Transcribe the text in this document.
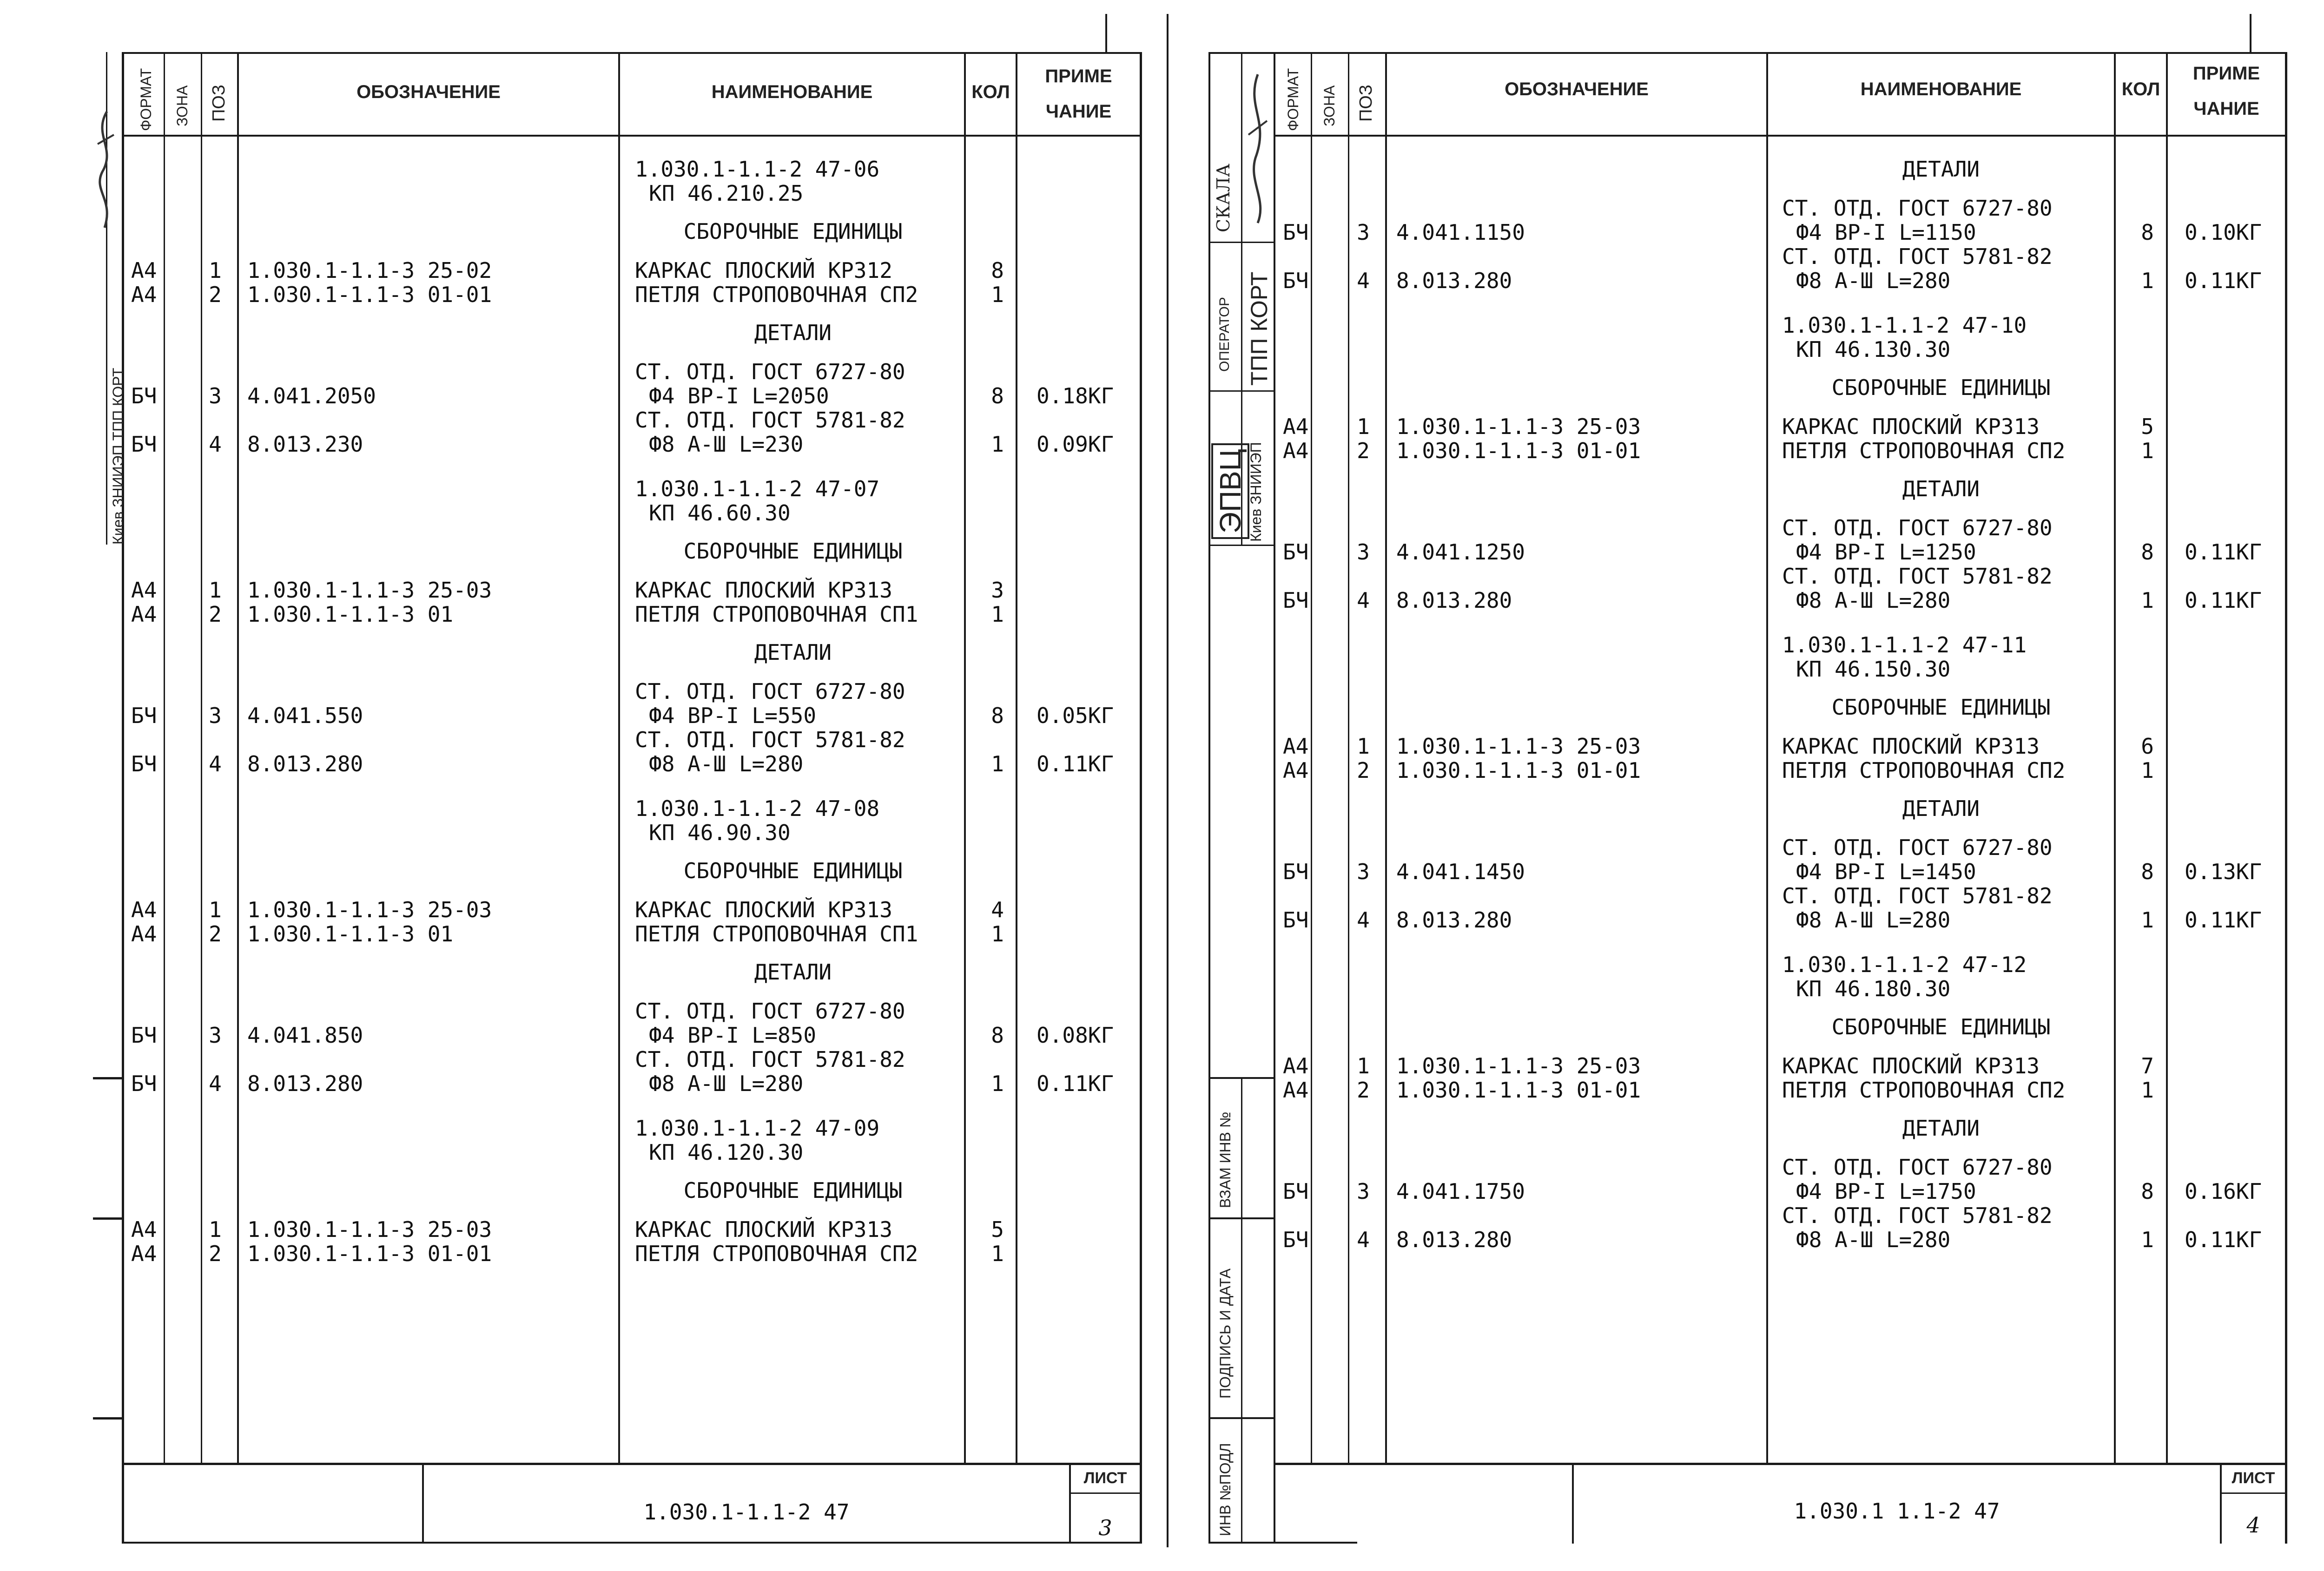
Киев ЗНИИЭП ТПП КОРТ
ФОРМАТ ЗОНА ПОЗ	ОБОЗНАЧЕНИЕ	НАИМЕНОВАНИЕ	КОЛ
ПРИМЕ
ЧАНИЕ
1.030.1-1.1-2 47-06
КП 46.210.25
СБОРОЧНЫЕ ЕДИНИЦЫ
А4	1	1.030.1-1.1-3 25-02	КАРКАС ПЛОСКИЙ КР312	8
А4	2	1.030.1-1.1-3 01-01	ПЕТЛЯ СТРОПОВОЧНАЯ СП2	1
ДЕТАЛИ
СТ. ОТД. ГОСТ 6727-80
БЧ	3	4.041.2050	Ф4 ВР-I L=2050	8 0.18КГ
СТ. ОТД. ГОСТ 5781-82
БЧ	4	8.013.230	Ф8 А-Ш L=230	1 0.09КГ
1.030.1-1.1-2 47-07
КП 46.60.30
СБОРОЧНЫЕ ЕДИНИЦЫ
А4	1	1.030.1-1.1-3 25-03	КАРКАС ПЛОСКИЙ КР313	3
А4	2	1.030.1-1.1-3 01	ПЕТЛЯ СТРОПОВОЧНАЯ СП1	1
ДЕТАЛИ
СТ. ОТД. ГОСТ 6727-80
БЧ	3	4.041.550	Ф4 ВР-I L=550	8 0.05КГ
СТ. ОТД. ГОСТ 5781-82
БЧ	4	8.013.280	Ф8 А-Ш L=280	1 0.11КГ
1.030.1-1.1-2 47-08
КП 46.90.30
СБОРОЧНЫЕ ЕДИНИЦЫ
А4	1	1.030.1-1.1-3 25-03	КАРКАС ПЛОСКИЙ КР313	4
А4	2	1.030.1-1.1-3 01	ПЕТЛЯ СТРОПОВОЧНАЯ СП1	1
ДЕТАЛИ
СТ. ОТД. ГОСТ 6727-80
БЧ	3	4.041.850	Ф4 ВР-I L=850	8 0.08КГ
СТ. ОТД. ГОСТ 5781-82
БЧ	4	8.013.280	Ф8 А-Ш L=280	1 0.11КГ
1.030.1-1.1-2 47-09
КП 46.120.30
СБОРОЧНЫЕ ЕДИНИЦЫ
А4	1	1.030.1-1.1-3 25-03	КАРКАС ПЛОСКИЙ КР313	5
А4	2	1.030.1-1.1-3 01-01	ПЕТЛЯ СТРОПОВОЧНАЯ СП2	1
1.030.1-1.1-2 47
ЛИСТ
3
СКАЛА
ОПЕРАТОР ТПП КОРТ
ЭПВЦ Киев ЗНИИЭП
ВЗАМ ИНВ №
ПОДПИСЬ И ДАТА
ИНВ №ПОДЛ
ФОРМАТ ЗОНА ПОЗ	ОБОЗНАЧЕНИЕ	НАИМЕНОВАНИЕ	КОЛ
ПРИМЕ
ЧАНИЕ
ДЕТАЛИ
СТ. ОТД. ГОСТ 6727-80
БЧ	3	4.041.1150	Ф4 ВР-I L=1150	8 0.10КГ
СТ. ОТД. ГОСТ 5781-82
БЧ	4	8.013.280	Ф8 А-Ш L=280	1 0.11КГ
1.030.1-1.1-2 47-10
КП 46.130.30
СБОРОЧНЫЕ ЕДИНИЦЫ
А4	1	1.030.1-1.1-3 25-03	КАРКАС ПЛОСКИЙ КР313	5
А4	2	1.030.1-1.1-3 01-01	ПЕТЛЯ СТРОПОВОЧНАЯ СП2	1
ДЕТАЛИ
СТ. ОТД. ГОСТ 6727-80
БЧ	3	4.041.1250	Ф4 ВР-I L=1250	8 0.11КГ
СТ. ОТД. ГОСТ 5781-82
БЧ	4	8.013.280	Ф8 А-Ш L=280	1 0.11КГ
1.030.1-1.1-2 47-11
КП 46.150.30
СБОРОЧНЫЕ ЕДИНИЦЫ
А4	1	1.030.1-1.1-3 25-03	КАРКАС ПЛОСКИЙ КР313	6
А4	2	1.030.1-1.1-3 01-01	ПЕТЛЯ СТРОПОВОЧНАЯ СП2	1
ДЕТАЛИ
СТ. ОТД. ГОСТ 6727-80
БЧ	3	4.041.1450	Ф4 ВР-I L=1450	8 0.13КГ
СТ. ОТД. ГОСТ 5781-82
БЧ	4	8.013.280	Ф8 А-Ш L=280	1 0.11КГ
1.030.1-1.1-2 47-12
КП 46.180.30
СБОРОЧНЫЕ ЕДИНИЦЫ
А4	1	1.030.1-1.1-3 25-03	КАРКАС ПЛОСКИЙ КР313	7
А4	2	1.030.1-1.1-3 01-01	ПЕТЛЯ СТРОПОВОЧНАЯ СП2	1
ДЕТАЛИ
СТ. ОТД. ГОСТ 6727-80
БЧ	3	4.041.1750	Ф4 ВР-I L=1750	8 0.16КГ
СТ. ОТД. ГОСТ 5781-82
БЧ	4	8.013.280	Ф8 А-Ш L=280	1 0.11КГ
1.030.1 1.1-2 47
ЛИСТ
4
